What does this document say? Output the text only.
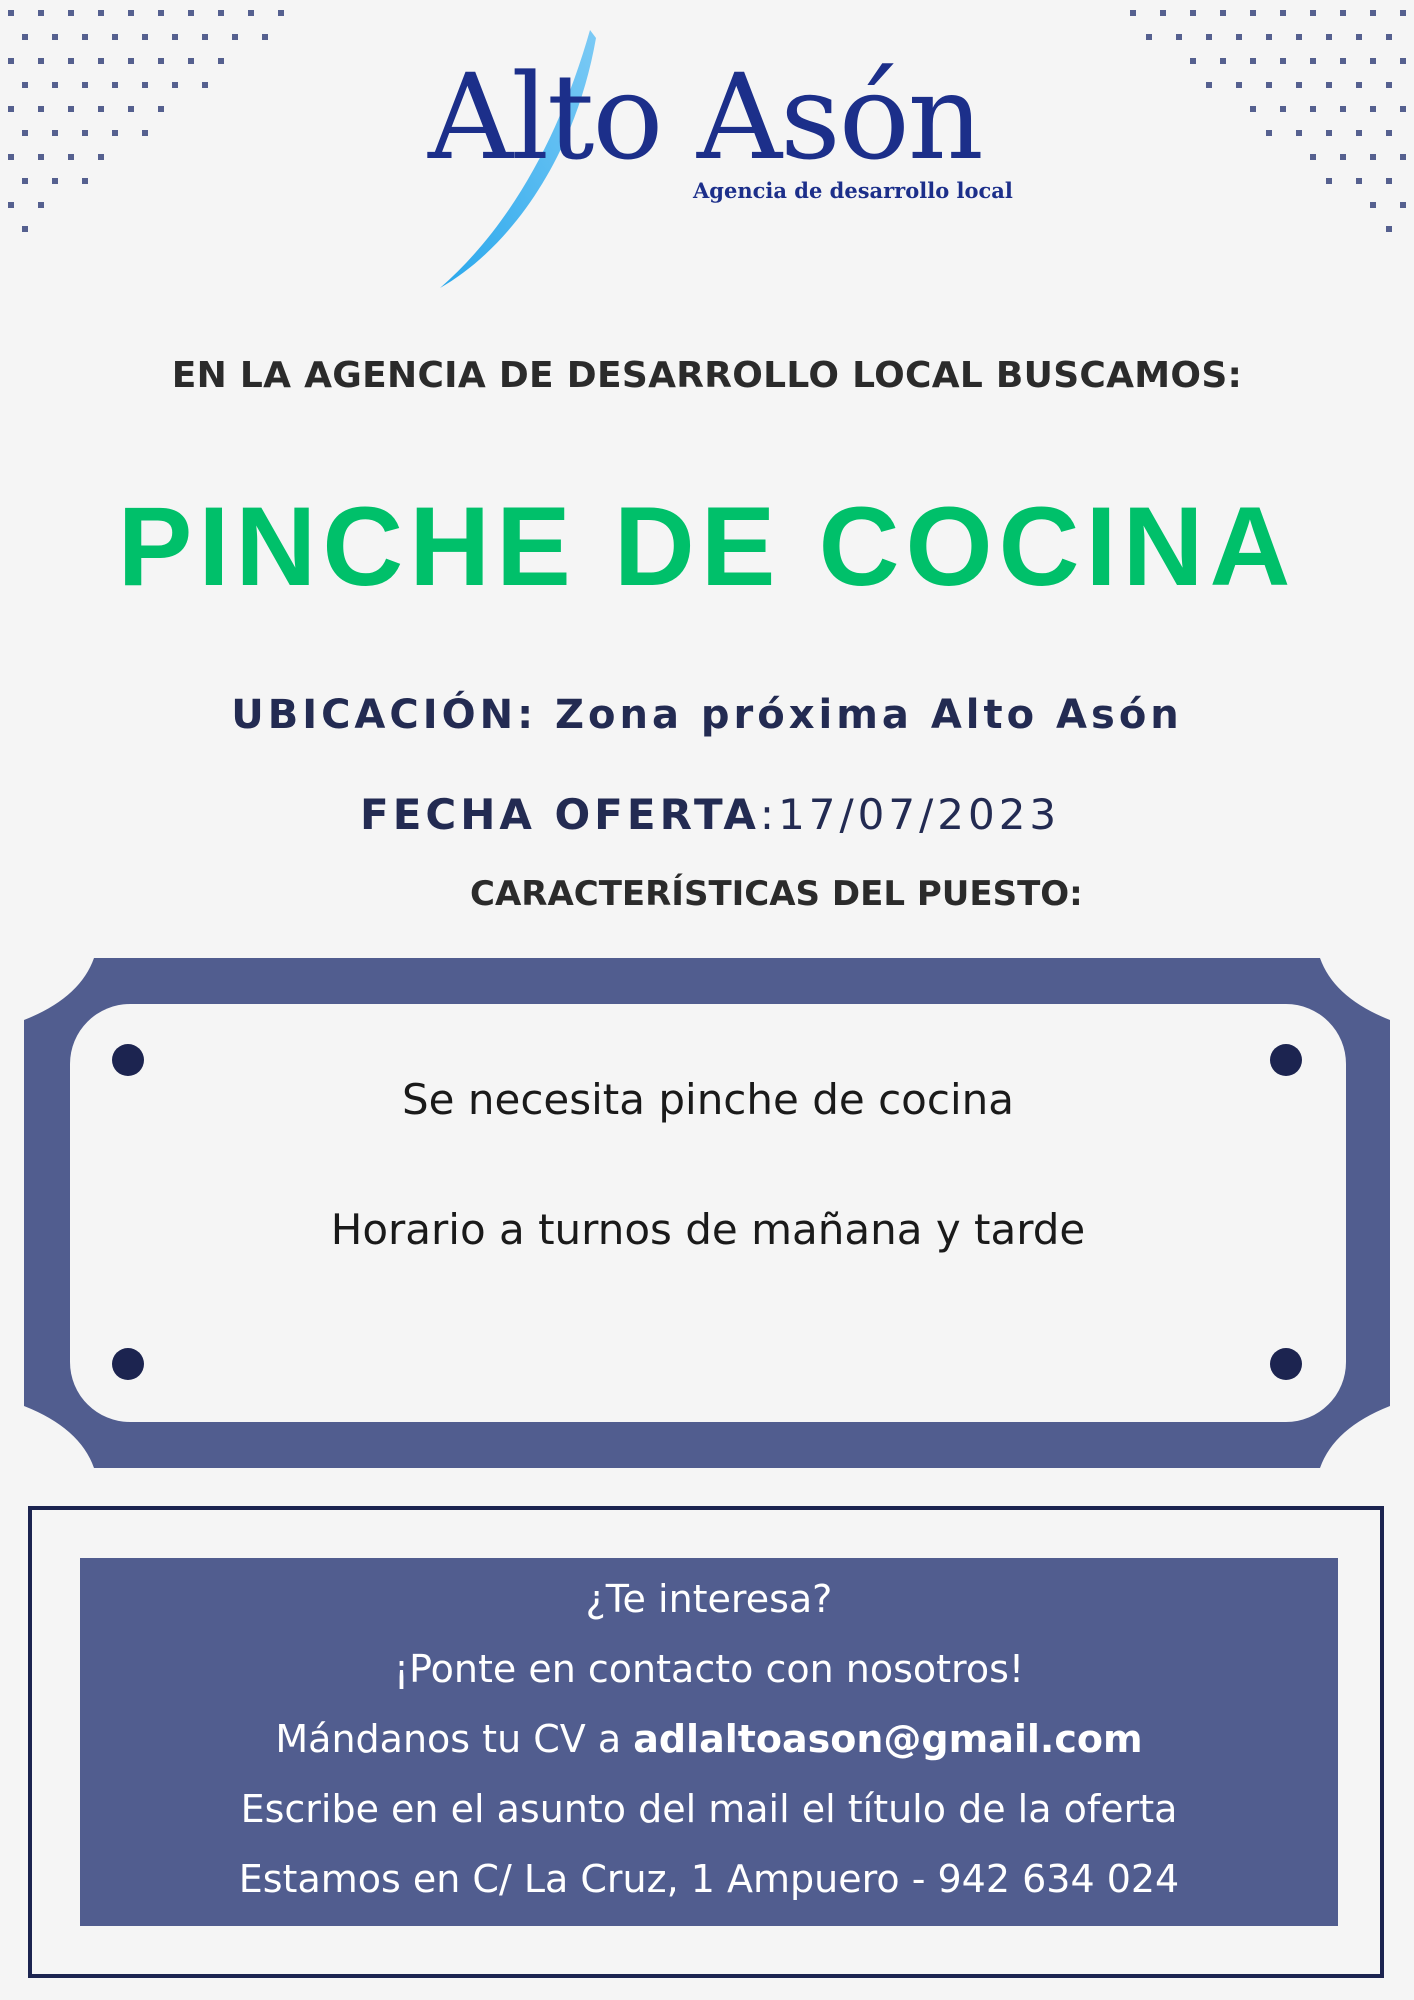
Alto Asón
Agencia de desarrollo local
EN LA AGENCIA DE DESARROLLO LOCAL BUSCAMOS:
PINCHE DE COCINA
UBICACIÓN: Zona próxima Alto Asón
FECHA OFERTA:17/07/2023
CARACTERÍSTICAS DEL PUESTO:
Se necesita pinche de cocina
Horario a turnos de mañana y tarde
¿Te interesa?
¡Ponte en contacto con nosotros!
Mándanos tu CV a adlaltoason@gmail.com
Escribe en el asunto del mail el título de la oferta
Estamos en C/ La Cruz, 1 Ampuero - 942 634 024
